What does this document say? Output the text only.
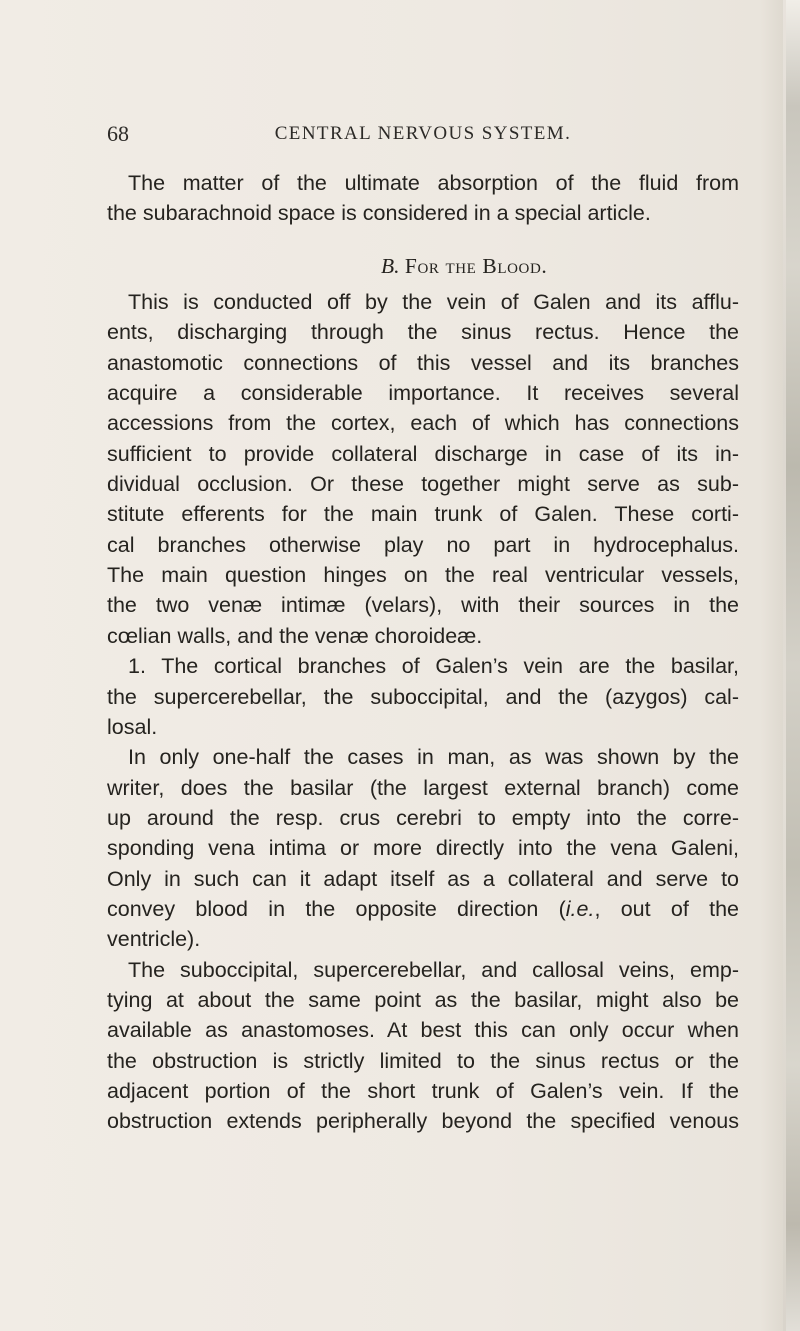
68	CENTRAL NERVOUS SYSTEM.
The matter of the ultimate absorption of the fluid from
the subarachnoid space is considered in a special article.
B. For the Blood.
This is conducted off by the vein of Galen and its afflu-
ents, discharging through the sinus rectus. Hence the
anastomotic connections of this vessel and its branches
acquire a considerable importance. It receives several
accessions from the cortex, each of which has connections
sufficient to provide collateral discharge in case of its in-
dividual occlusion. Or these together might serve as sub-
stitute efferents for the main trunk of Galen. These corti-
cal branches otherwise play no part in hydrocephalus.
The main question hinges on the real ventricular vessels,
the two venæ intimæ (velars), with their sources in the
cœlian walls, and the venæ choroideæ.
1. The cortical branches of Galen’s vein are the basilar,
the supercerebellar, the suboccipital, and the (azygos) cal-
losal.
In only one-half the cases in man, as was shown by the
writer, does the basilar (the largest external branch) come
up around the resp. crus cerebri to empty into the corre-
sponding vena intima or more directly into the vena Galeni,
Only in such can it adapt itself as a collateral and serve to
convey blood in the opposite direction (i.e., out of the
ventricle).
The suboccipital, supercerebellar, and callosal veins, emp-
tying at about the same point as the basilar, might also be
available as anastomoses. At best this can only occur when
the obstruction is strictly limited to the sinus rectus or the
adjacent portion of the short trunk of Galen’s vein. If the
obstruction extends peripherally beyond the specified venous
